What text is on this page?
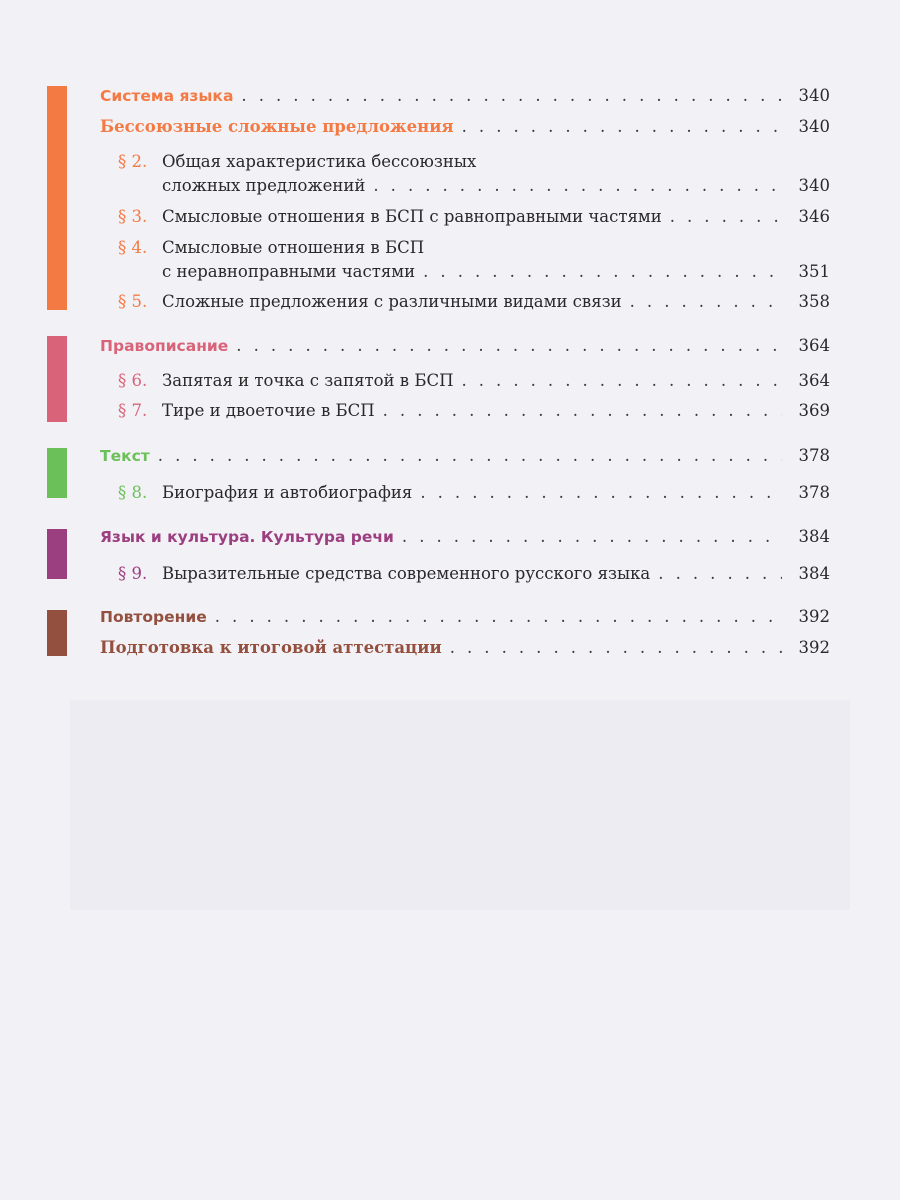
Система языка . . .	340
Бессоюзные сложные предложения . . .	340
§ 2. Общая характеристика бессоюзных
сложных предложений . . .	340
§ 3. Смысловые отношения в БСП с равноправными частями . . .	346
§ 4. Смысловые отношения в БСП
с неравноправными частями . . .	351
§ 5. Сложные предложения с различными видами связи . . .	358
Правописание . . .	364
§ 6. Запятая и точка с запятой в БСП . . .	364
§ 7. Тире и двоеточие в БСП . . .	369
Текст . . .	378
§ 8. Биография и автобиография . . .	378
Язык и культура. Культура речи . . .	384
§ 9. Выразительные средства современного русского языка . . .	384
Повторение . . .	392
Подготовка к итоговой аттестации . . .	392
